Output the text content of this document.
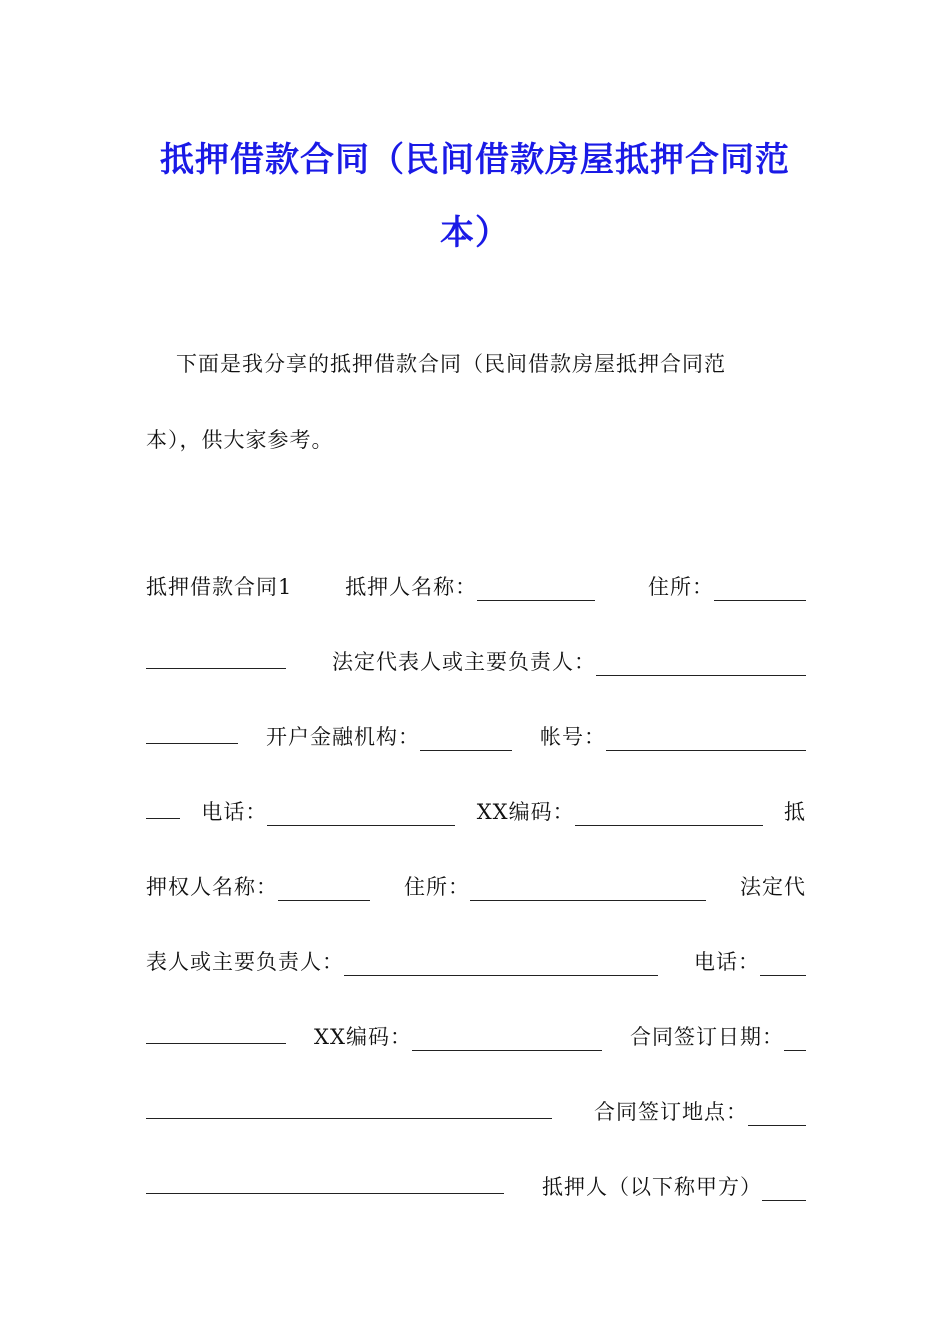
抵押借款合同（民间借款房屋抵押合同范
本）
下面是我分享的抵押借款合同（民间借款房屋抵押合同范
本），供大家参考。
抵押借款合同1	抵押人名称：	住所：
法定代表人或主要负责人：
开户金融机构：	帐号：
电话：	XX编码：	抵
押权人名称：	住所：	法定代
表人或主要负责人：	电话：
XX编码：	合同签订日期：
合同签订地点：
抵押人（以下称甲方）
